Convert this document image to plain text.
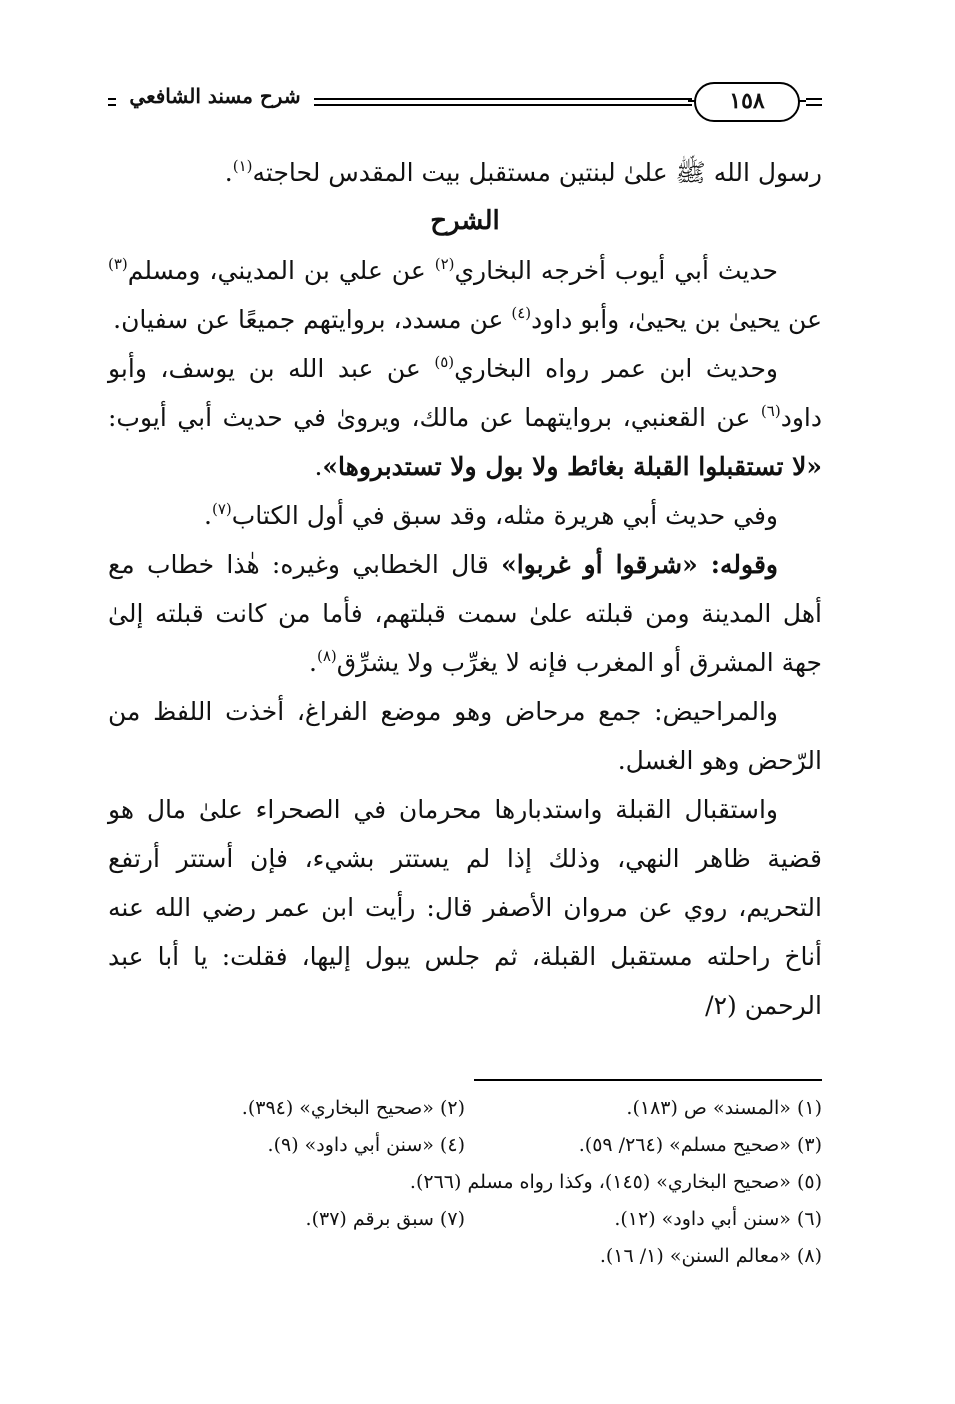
شرح مسند الشافعي	١٥٨

رسول الله ﷺ علىٰ لبنتين مستقبل بيت المقدس لحاجته$^{(١)}$.

الشرح

حديث أبي أيوب أخرجه البخاري$^{(٢)}$ عن علي بن المديني، ومسلم$^{(٣)}$ عن يحيىٰ بن يحيىٰ، وأبو داود$^{(٤)}$ عن مسدد، بروايتهم جميعًا عن سفيان.

وحديث ابن عمر رواه البخاري$^{(٥)}$ عن عبد الله بن يوسف، وأبو داود$^{(٦)}$ عن القعنبي، بروايتهما عن مالك، ويروىٰ في حديث أبي أيوب: «لا تستقبلوا القبلة بغائط ولا بول ولا تستدبروها».

وفي حديث أبي هريرة مثله، وقد سبق في أول الكتاب$^{(٧)}$.

وقوله: «شرقوا أو غربوا» قال الخطابي وغيره: هٰذا خطاب مع أهل المدينة ومن قبلته علىٰ سمت قبلتهم، فأما من كانت قبلته إلىٰ جهة المشرق أو المغرب فإنه لا يغرِّب ولا يشرِّق$^{(٨)}$.

والمراحيض: جمع مرحاض وهو موضع الفراغ، أخذت اللفظ من الرّحض وهو الغسل.

واستقبال القبلة واستدبارها محرمان في الصحراء علىٰ مال هو قضية ظاهر النهي، وذلك إذا لم يستتر بشيء، فإن أستتر أرتفع التحريم، روي عن مروان الأصفر قال: رأيت ابن عمر رضي الله عنه أناخ راحلته مستقبل القبلة، ثم جلس يبول إليها، فقلت: يا أبا عبد الرحمن (٢/

(١) «المسند» ص (١٨٣).
(٢) «صحيح البخاري» (٣٩٤).
(٣) «صحيح مسلم» (٢٦٤/ ٥٩).
(٤) «سنن أبي داود» (٩).
(٥) «صحيح البخاري» (١٤٥)، وكذا رواه مسلم (٢٦٦).
(٦) «سنن أبي داود» (١٢).
(٧) سبق برقم (٣٧).
(٨) «معالم السنن» (١/ ١٦).
